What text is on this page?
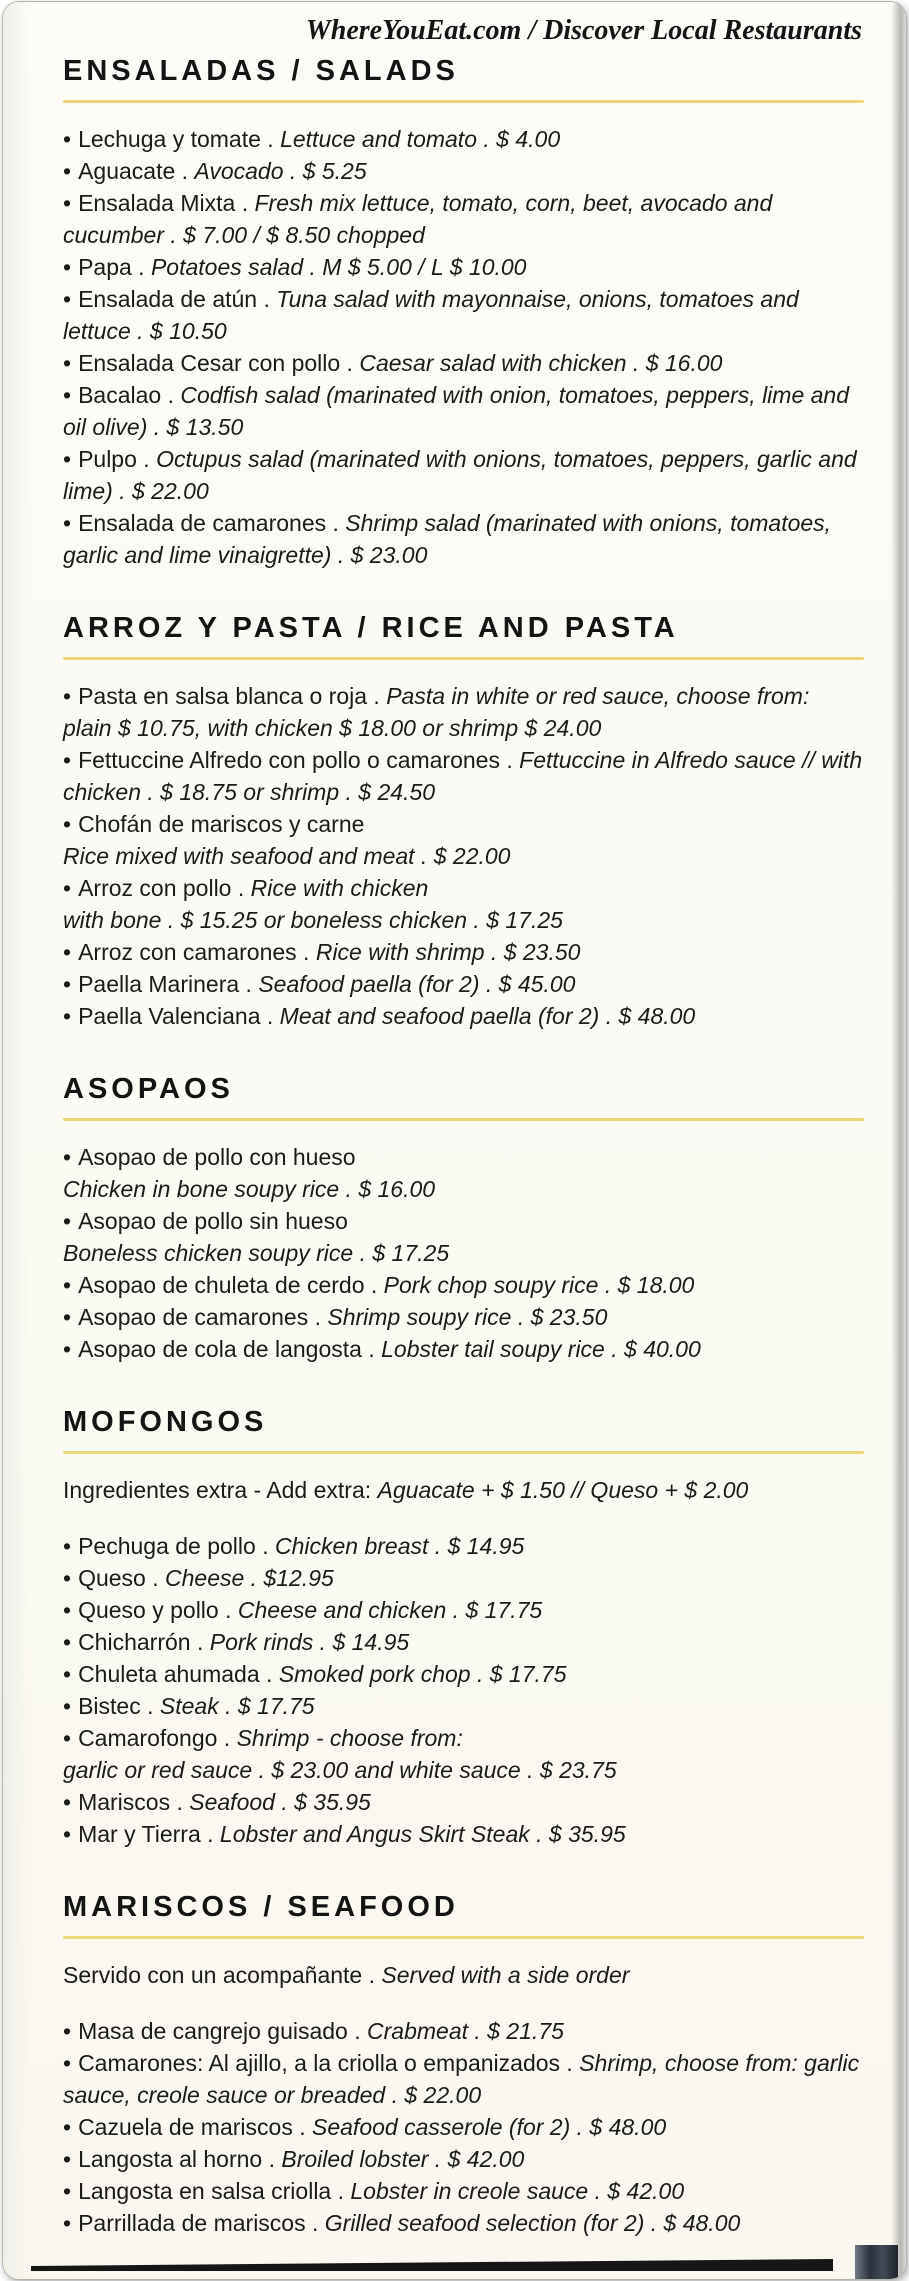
WhereYouEat.com / Discover Local Restaurants
ENSALADAS / SALADS
• Lechuga y tomate . Lettuce and tomato . $ 4.00
• Aguacate . Avocado . $ 5.25
• Ensalada Mixta . Fresh mix lettuce, tomato, corn, beet, avocado and cucumber . $ 7.00 / $ 8.50 chopped
• Papa . Potatoes salad . M $ 5.00 / L $ 10.00
• Ensalada de atún . Tuna salad with mayonnaise, onions, tomatoes and lettuce . $ 10.50
• Ensalada Cesar con pollo . Caesar salad with chicken . $ 16.00
• Bacalao . Codfish salad (marinated with onion, tomatoes, peppers, lime and oil olive) . $ 13.50
• Pulpo . Octupus salad (marinated with onions, tomatoes, peppers, garlic and lime) . $ 22.00
• Ensalada de camarones . Shrimp salad (marinated with onions, tomatoes, garlic and lime vinaigrette) . $ 23.00
ARROZ Y PASTA / RICE AND PASTA
• Pasta en salsa blanca o roja . Pasta in white or red sauce, choose from: plain $ 10.75, with chicken $ 18.00 or shrimp $ 24.00
• Fettuccine Alfredo con pollo o camarones . Fettuccine in Alfredo sauce // with chicken . $ 18.75 or shrimp . $ 24.50
• Chofán de mariscos y carne
Rice mixed with seafood and meat . $ 22.00
• Arroz con pollo . Rice with chicken
with bone . $ 15.25 or boneless chicken . $ 17.25
• Arroz con camarones . Rice with shrimp . $ 23.50
• Paella Marinera . Seafood paella (for 2) . $ 45.00
• Paella Valenciana . Meat and seafood paella (for 2) . $ 48.00
ASOPAOS
• Asopao de pollo con hueso
Chicken in bone soupy rice . $ 16.00
• Asopao de pollo sin hueso
Boneless chicken soupy rice . $ 17.25
• Asopao de chuleta de cerdo . Pork chop soupy rice . $ 18.00
• Asopao de camarones . Shrimp soupy rice . $ 23.50
• Asopao de cola de langosta . Lobster tail soupy rice . $ 40.00
MOFONGOS

Ingredientes extra - Add extra: Aguacate + $ 1.50 // Queso + $ 2.00

• Pechuga de pollo . Chicken breast . $ 14.95
• Queso . Cheese . $12.95
• Queso y pollo . Cheese and chicken . $ 17.75
• Chicharrón . Pork rinds . $ 14.95
• Chuleta ahumada . Smoked pork chop . $ 17.75
• Bistec . Steak . $ 17.75
• Camarofongo . Shrimp - choose from:
garlic or red sauce . $ 23.00 and white sauce . $ 23.75
• Mariscos . Seafood . $ 35.95
• Mar y Tierra . Lobster and Angus Skirt Steak . $ 35.95
MARISCOS / SEAFOOD

Servido con un acompañante . Served with a side order

• Masa de cangrejo guisado . Crabmeat . $ 21.75
• Camarones: Al ajillo, a la criolla o empanizados . Shrimp, choose from: garlic sauce, creole sauce or breaded . $ 22.00
• Cazuela de mariscos . Seafood casserole (for 2) . $ 48.00
• Langosta al horno . Broiled lobster . $ 42.00
• Langosta en salsa criolla . Lobster in creole sauce . $ 42.00
• Parrillada de mariscos . Grilled seafood selection (for 2) . $ 48.00
